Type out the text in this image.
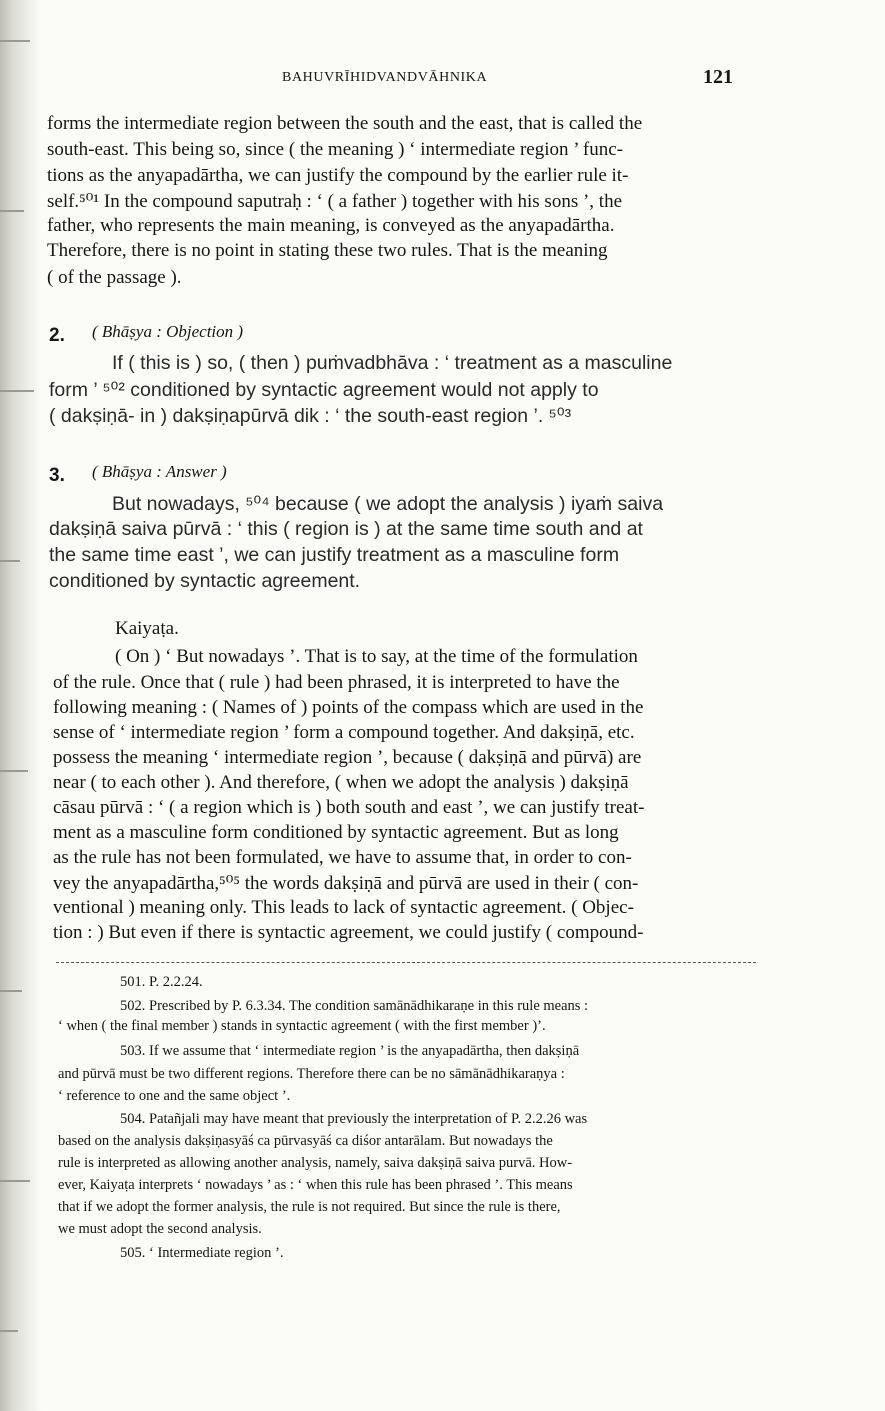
BAHUVRĪHIDVANDVĀHNIKA	121
forms the intermediate region between the south and the east, that is called the
south-east. This being so, since ( the meaning ) ‘ intermediate region ’ func-
tions as the anyapadārtha, we can justify the compound by the earlier rule it-
self.⁵⁰¹ In the compound saputraḥ : ‘ ( a father ) together with his sons ’, the
father, who represents the main meaning, is conveyed as the anyapadārtha.
Therefore, there is no point in stating these two rules. That is the meaning
( of the passage ).
2. ( Bhāṣya : Objection )
If ( this is ) so, ( then ) puṁvadbhāva : ‘ treatment as a masculine
form ’ ⁵⁰² conditioned by syntactic agreement would not apply to
( dakṣiṇā- in ) dakṣiṇapūrvā dik : ‘ the south-east region ’. ⁵⁰³
3. ( Bhāṣya : Answer )
But nowadays, ⁵⁰⁴ because ( we adopt the analysis ) iyaṁ saiva
dakṣiṇā saiva pūrvā : ‘ this ( region is ) at the same time south and at
the same time east ’, we can justify treatment as a masculine form
conditioned by syntactic agreement.
Kaiyaṭa.
( On ) ‘ But nowadays ’. That is to say, at the time of the formulation
of the rule. Once that ( rule ) had been phrased, it is interpreted to have the
following meaning : ( Names of ) points of the compass which are used in the
sense of ‘ intermediate region ’ form a compound together. And dakṣiṇā, etc.
possess the meaning ‘ intermediate region ’, because ( dakṣiṇā and pūrvā) are
near ( to each other ). And therefore, ( when we adopt the analysis ) dakṣiṇā
cāsau pūrvā : ‘ ( a region which is ) both south and east ’, we can justify treat-
ment as a masculine form conditioned by syntactic agreement. But as long
as the rule has not been formulated, we have to assume that, in order to con-
vey the anyapadārtha,⁵⁰⁵ the words dakṣiṇā and pūrvā are used in their ( con-
ventional ) meaning only. This leads to lack of syntactic agreement. ( Objec-
tion : ) But even if there is syntactic agreement, we could justify ( compound-
501. P. 2.2.24.
502. Prescribed by P. 6.3.34. The condition samānādhikaraṇe in this rule means :
‘ when ( the final member ) stands in syntactic agreement ( with the first member )’.
503. If we assume that ‘ intermediate region ’ is the anyapadārtha, then dakṣiṇā
and pūrvā must be two different regions. Therefore there can be no sāmānādhikaraṇya :
‘ reference to one and the same object ’.
504. Patañjali may have meant that previously the interpretation of P. 2.2.26 was
based on the analysis dakṣiṇasyāś ca pūrvasyāś ca diśor antarālam. But nowadays the
rule is interpreted as allowing another analysis, namely, saiva dakṣiṇā saiva purvā. How-
ever, Kaiyaṭa interprets ‘ nowadays ’ as : ‘ when this rule has been phrased ’. This means
that if we adopt the former analysis, the rule is not required. But since the rule is there,
we must adopt the second analysis.
505. ‘ Intermediate region ’.
